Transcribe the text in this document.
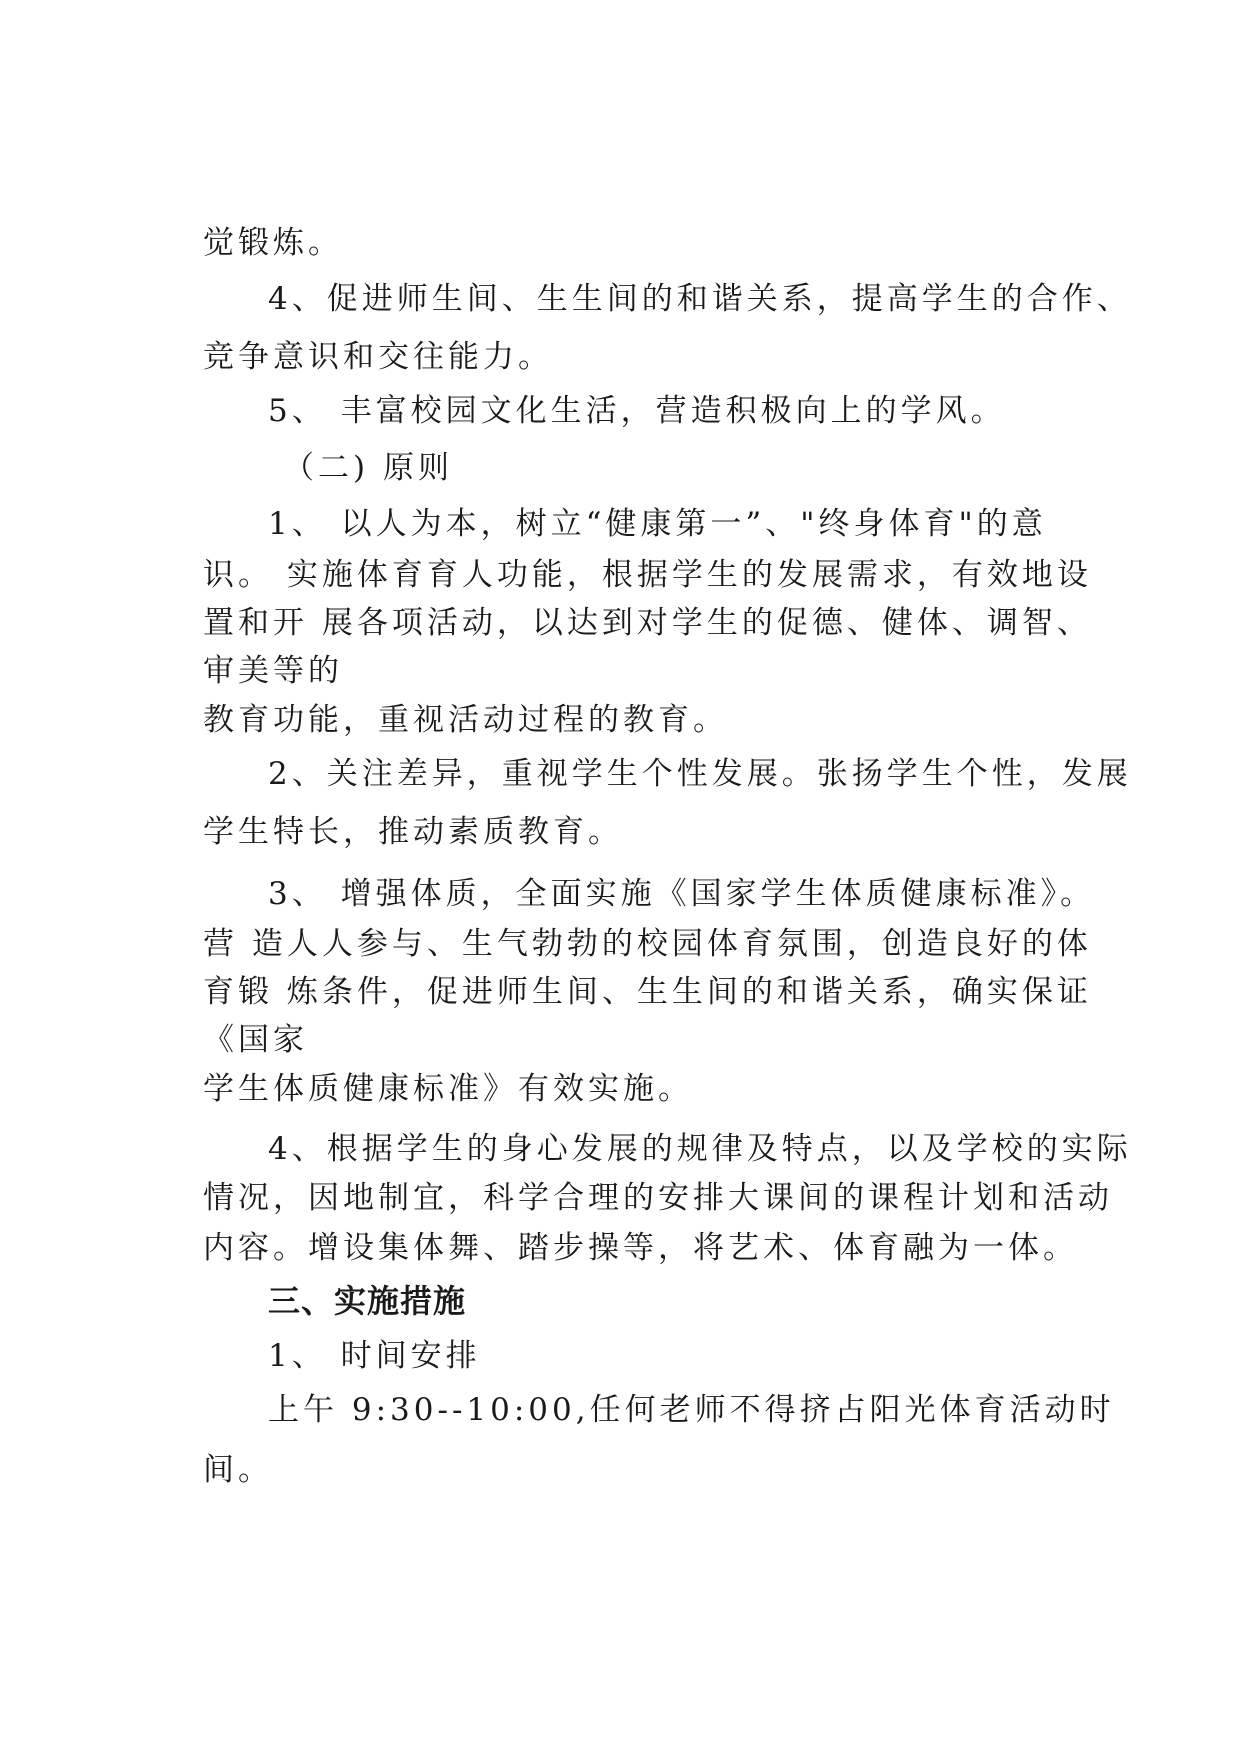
觉锻炼。
4、促进师生间、生生间的和谐关系，提高学生的合作、
竞争意识和交往能力。
5、 丰富校园文化生活，营造积极向上的学风。
（二) 原则
1、 以人为本，树立“健康第一”、"终身体育"的意
识。 实施体育育人功能，根据学生的发展需求，有效地设
置和开 展各项活动，以达到对学生的促德、健体、调智、
审美等的
教育功能，重视活动过程的教育。
2、关注差异，重视学生个性发展。张扬学生个性，发展
学生特长，推动素质教育。
3、 增强体质，全面实施《国家学生体质健康标准》。
营 造人人参与、生气勃勃的校园体育氛围，创造良好的体
育锻 炼条件，促进师生间、生生间的和谐关系，确实保证
《国家
学生体质健康标准》有效实施。
4、根据学生的身心发展的规律及特点，以及学校的实际
情况，因地制宜，科学合理的安排大课间的课程计划和活动
内容。增设集体舞、踏步操等，将艺术、体育融为一体。
三、实施措施
1、 时间安排
上午 9:30--10:00,任何老师不得挤占阳光体育活动时
间。
